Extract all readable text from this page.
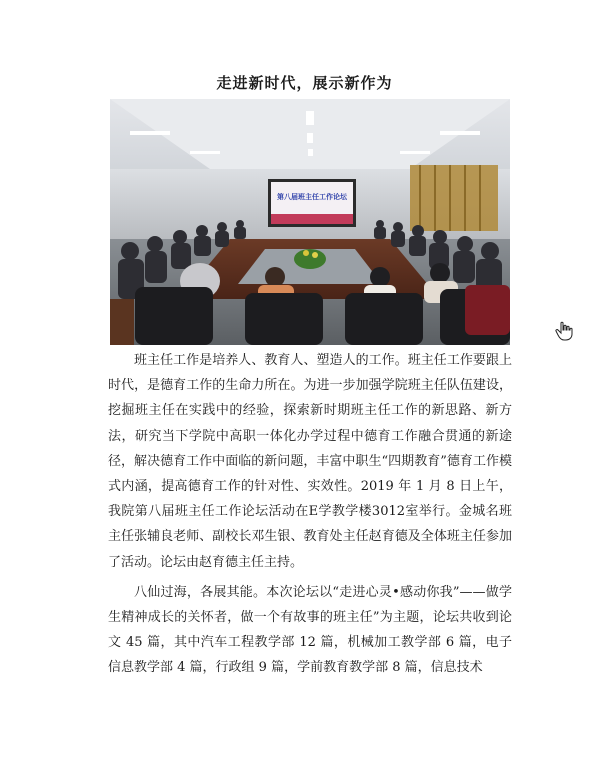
走进新时代，展示新作为
第八届班主任工作论坛

班主任工作是培养人、教育人、塑造人的工作。班主任工作要跟上时代，是德育工作的生命力所在。为进一步加强学院班主任队伍建设，挖掘班主任在实践中的经验，探索新时期班主任工作的新思路、新方法，研究当下学院中高职一体化办学过程中德育工作融合贯通的新途径，解决德育工作中面临的新问题，丰富中职生“四期教育”德育工作模式内涵，提高德育工作的针对性、实效性。2019 年 1 月 8 日上午，我院第八届班主任工作论坛活动在E学教学楼3012室举行。金城名班主任张辅良老师、副校长邓生银、教育处主任赵育德及全体班主任参加了活动。论坛由赵育德主任主持。

八仙过海，各展其能。本次论坛以“走进心灵•感动你我”——做学生精神成长的关怀者，做一个有故事的班主任”为主题，论坛共收到论文 45 篇，其中汽车工程教学部 12 篇，机械加工教学部 6 篇，电子信息教学部 4 篇，行政组 9 篇，学前教育教学部 8 篇，信息技术
